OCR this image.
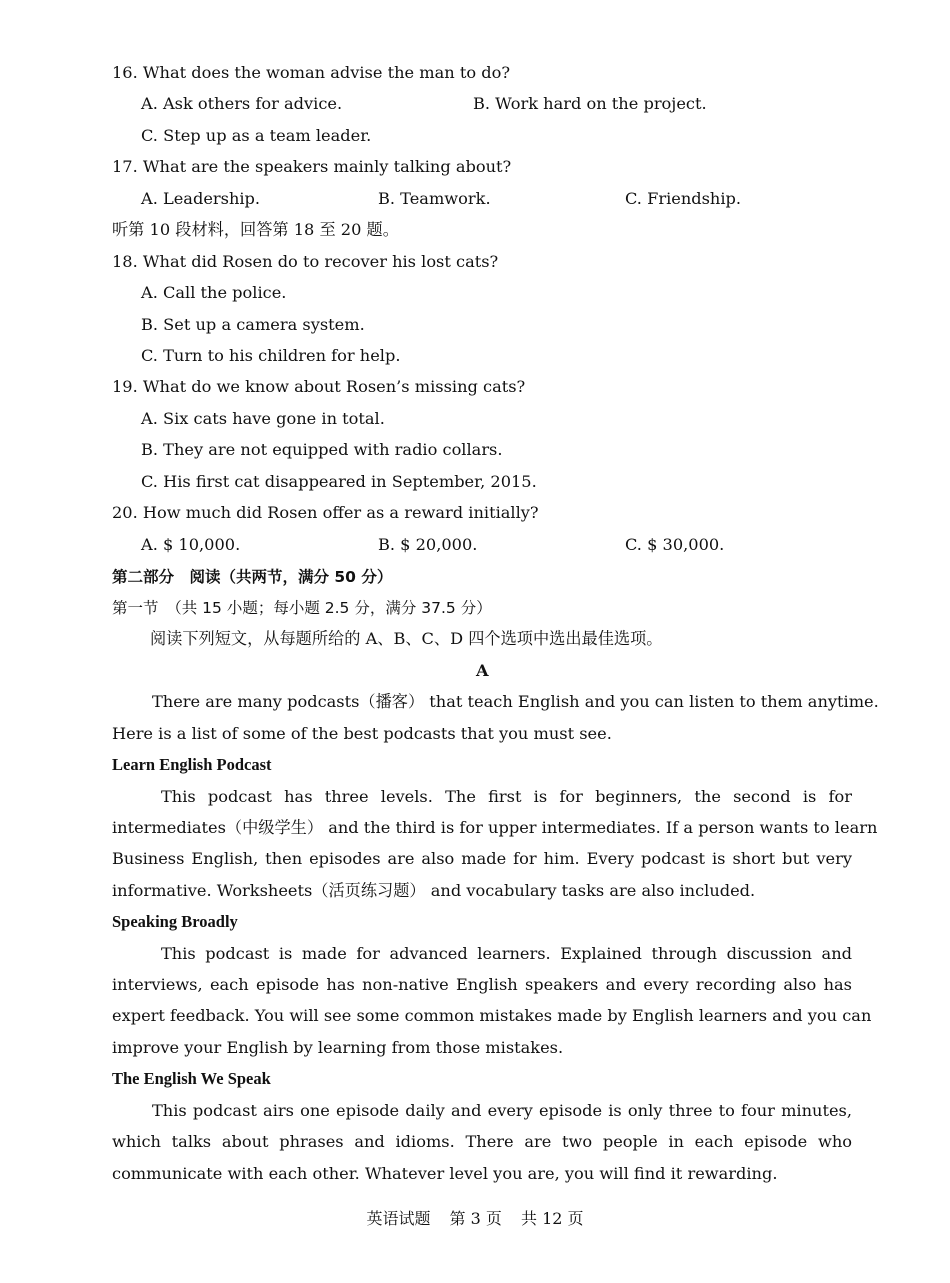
16. What does the woman advise the man to do?
A. Ask others for advice.	B. Work hard on the project.
C. Step up as a team leader.
17. What are the speakers mainly talking about?
A. Leadership.	B. Teamwork.	C. Friendship.
听第 10 段材料，回答第 18 至 20 题。
18. What did Rosen do to recover his lost cats?
A. Call the police.
B. Set up a camera system.
C. Turn to his children for help.
19. What do we know about Rosen’s missing cats?
A. Six cats have gone in total.
B. They are not equipped with radio collars.
C. His first cat disappeared in September, 2015.
20. How much did Rosen offer as a reward initially?
A. $ 10,000.	B. $ 20,000.	C. $ 30,000.
第二部分　阅读（共两节，满分 50 分）
第一节　（共 15 小题；每小题 2.5 分，满分 37.5 分）
阅读下列短文，从每题所给的 A、B、C、D 四个选项中选出最佳选项。
A
There are many podcasts（播客） that teach English and you can listen to them anytime.
Here is a list of some of the best podcasts that you must see.
Learn English Podcast
This podcast has three levels. The first is for beginners, the second is for
intermediates（中级学生） and the third is for upper intermediates. If a person wants to learn
Business English, then episodes are also made for him. Every podcast is short but very
informative. Worksheets（活页练习题） and vocabulary tasks are also included.
Speaking Broadly
This podcast is made for advanced learners. Explained through discussion and
interviews, each episode has non-native English speakers and every recording also has
expert feedback. You will see some common mistakes made by English learners and you can
improve your English by learning from those mistakes.
The English We Speak
This podcast airs one episode daily and every episode is only three to four minutes,
which talks about phrases and idioms. There are two people in each episode who
communicate with each other. Whatever level you are, you will find it rewarding.
英语试题 第 3 页 共 12 页
